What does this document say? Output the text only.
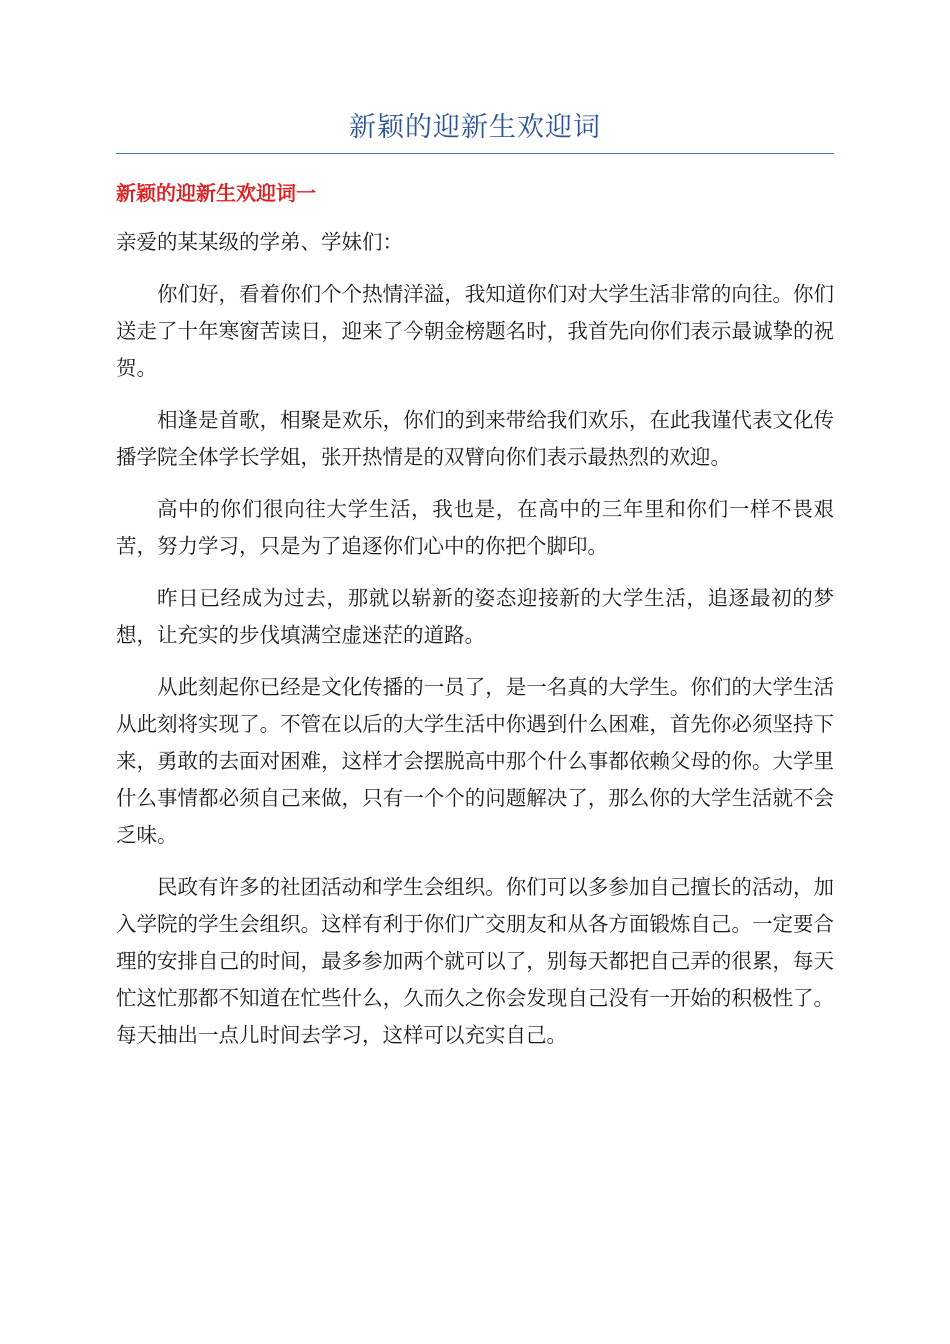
新颖的迎新生欢迎词
新颖的迎新生欢迎词一

亲爱的某某级的学弟、学妹们：

你们好，看着你们个个热情洋溢，我知道你们对大学生活非常的向往。你们送走了十年寒窗苦读日，迎来了今朝金榜题名时，我首先向你们表示最诚挚的祝贺。

相逢是首歌，相聚是欢乐，你们的到来带给我们欢乐，在此我谨代表文化传播学院全体学长学姐，张开热情是的双臂向你们表示最热烈的欢迎。

高中的你们很向往大学生活，我也是，在高中的三年里和你们一样不畏艰苦，努力学习，只是为了追逐你们心中的你把个脚印。

昨日已经成为过去，那就以崭新的姿态迎接新的大学生活，追逐最初的梦想，让充实的步伐填满空虚迷茫的道路。

从此刻起你已经是文化传播的一员了，是一名真的大学生。你们的大学生活从此刻将实现了。不管在以后的大学生活中你遇到什么困难，首先你必须坚持下来，勇敢的去面对困难，这样才会摆脱高中那个什么事都依赖父母的你。大学里什么事情都必须自己来做，只有一个个的问题解决了，那么你的大学生活就不会乏味。

民政有许多的社团活动和学生会组织。你们可以多参加自己擅长的活动，加入学院的学生会组织。这样有利于你们广交朋友和从各方面锻炼自己。一定要合理的安排自己的时间，最多参加两个就可以了，别每天都把自己弄的很累，每天忙这忙那都不知道在忙些什么，久而久之你会发现自己没有一开始的积极性了。每天抽出一点儿时间去学习，这样可以充实自己。
